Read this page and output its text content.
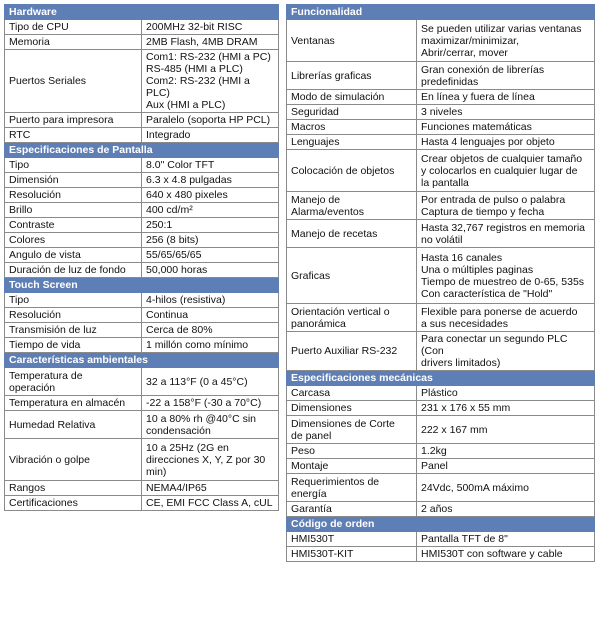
Hardware	
Tipo de CPU	200MHz 32-bit RISC
Memoria	2MB Flash, 4MB DRAM
Puertos Seriales	Com1: RS-232 (HMI a PC)
RS-485 (HMI a PLC)
Com2: RS-232 (HMI a PLC)
Aux (HMI a PLC)
Puerto para impresora	Paralelo (soporta HP PCL)
RTC	Integrado
Especificaciones de Pantalla	
Tipo	8.0" Color TFT
Dimensión	6.3 x 4.8 pulgadas
Resolución	640 x 480 pixeles
Brillo	400 cd/m²
Contraste	250:1
Colores	256 (8 bits)
Angulo de vista	55/65/65/65
Duración de luz de fondo	50,000 horas
Touch Screen	
Tipo	4-hilos (resistiva)
Resolución	Continua
Transmisión de luz	Cerca de 80%
Tiempo de vida	1 millón como mínimo
Características ambientales	
Temperatura de
operación	32 a 113°F (0 a 45°C)
Temperatura en almacén	-22 a 158°F (-30 a 70°C)
Humedad Relativa	10 a 80% rh @40°C sin
condensación
Vibración o golpe	10 a 25Hz (2G en
direcciones X, Y, Z por 30
min)
Rangos	NEMA4/IP65
Certificaciones	CE, EMI FCC Class A, cUL
Funcionalidad	
Ventanas	Se pueden utilizar varias ventanas
maximizar/minimizar,
Abrir/cerrar, mover
Librerías graficas	Gran conexión de librerías
predefinidas
Modo de simulación	En línea y fuera de línea
Seguridad	3 niveles
Macros	Funciones matemáticas
Lenguajes	Hasta 4 lenguajes por objeto
Colocación de objetos	Crear objetos de cualquier tamaño
y colocarlos en cualquier lugar de
la pantalla
Manejo de
Alarma/eventos	Por entrada de pulso o palabra
Captura de tiempo y fecha
Manejo de recetas	Hasta 32,767 registros en memoria
no volátil
Graficas	Hasta 16 canales
Una o múltiples paginas
Tiempo de muestreo de 0-65, 535s
Con característica de "Hold"
Orientación vertical o
panorámica	Flexible para ponerse de acuerdo
a sus necesidades
Puerto Auxiliar RS-232	Para conectar un segundo PLC (Con
drivers limitados)
Especificaciones mecánicas	
Carcasa	Plástico
Dimensiones	231 x 176 x 55 mm
Dimensiones de Corte
de panel	222 x 167 mm
Peso	1.2kg
Montaje	Panel
Requerimientos de
energía	24Vdc, 500mA máximo
Garantía	2 años
Código de orden	
HMI530T	Pantalla TFT de 8"
HMI530T-KIT	HMI530T con software y cable
